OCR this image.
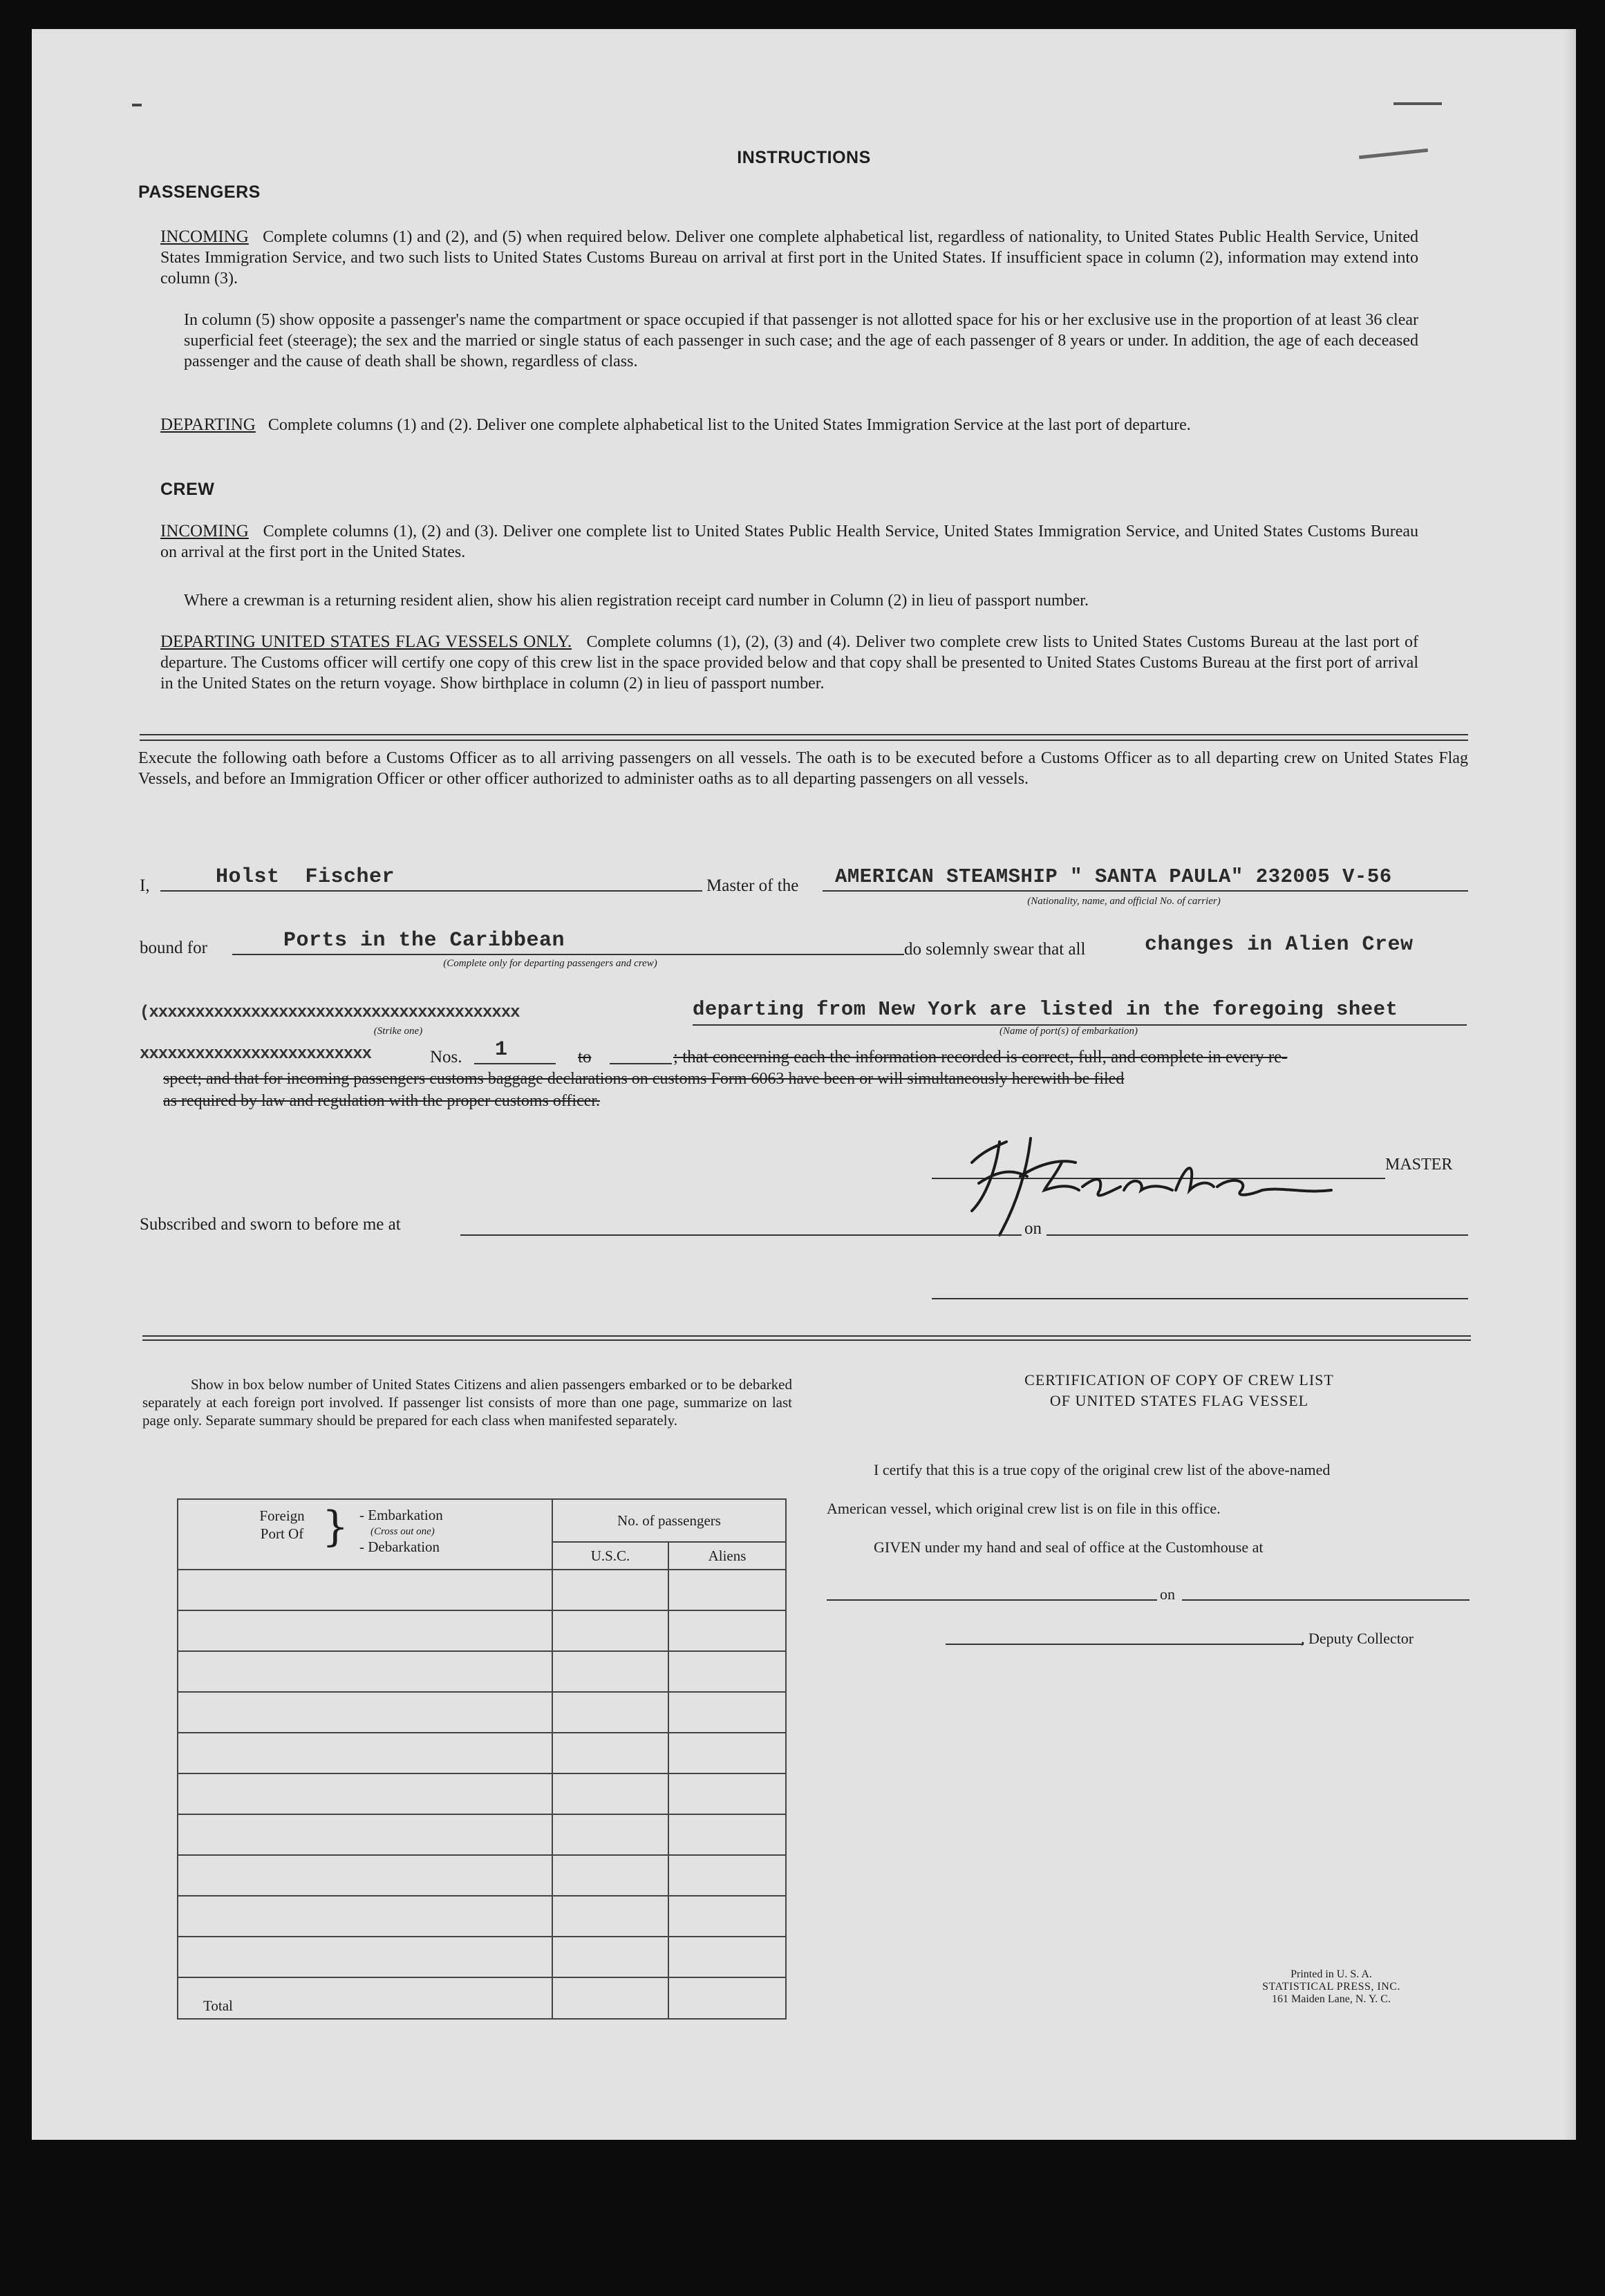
INSTRUCTIONS
PASSENGERS
INCOMING Complete columns (1) and (2), and (5) when required below. Deliver one complete alphabetical list, regardless of nationality, to United States Public Health Service, United States Immigration Service, and two such lists to United States Customs Bureau on arrival at first port in the United States. If insufficient space in column (2), information may extend into column (3).
In column (5) show opposite a passenger's name the compartment or space occupied if that passenger is not allotted space for his or her exclusive use in the proportion of at least 36 clear superficial feet (steerage); the sex and the married or single status of each passenger in such case; and the age of each passenger of 8 years or under. In addition, the age of each deceased passenger and the cause of death shall be shown, regardless of class.
DEPARTING Complete columns (1) and (2). Deliver one complete alphabetical list to the United States Immigration Service at the last port of departure.
CREW
INCOMING Complete columns (1), (2) and (3). Deliver one complete list to United States Public Health Service, United States Immigration Service, and United States Customs Bureau on arrival at the first port in the United States.
Where a crewman is a returning resident alien, show his alien registration receipt card number in Column (2) in lieu of passport number.
DEPARTING UNITED STATES FLAG VESSELS ONLY. Complete columns (1), (2), (3) and (4). Deliver two complete crew lists to United States Customs Bureau at the last port of departure. The Customs officer will certify one copy of this crew list in the space provided below and that copy shall be presented to United States Customs Bureau at the first port of arrival in the United States on the return voyage. Show birthplace in column (2) in lieu of passport number.
Execute the following oath before a Customs Officer as to all arriving passengers on all vessels. The oath is to be executed before a Customs Officer as to all departing crew on United States Flag Vessels, and before an Immigration Officer or other officer authorized to administer oaths as to all departing passengers on all vessels.
I,	Holst  Fischer	Master of the AMERICAN STEAMSHIP " SANTA PAULA" 232005 V-56
(Nationality, name, and official No. of carrier)
bound for	Ports in the Caribbean
(Complete only for departing passengers and crew)
do solemnly swear that all	changes in Alien Crew
(xxxxxxxxxxxxxxxxxxxxxxxxxxxxxxxxxxxxxxxx	departing from New York are listed in the foregoing sheet
(Strike one)	(Name of port(s) of embarkation)
xxxxxxxxxxxxxxxxxxxxxxxxx	Nos. 1	to	; that concerning each the information recorded is correct, full, and complete in every re-
spect; and that for incoming passengers customs baggage declarations on customs Form 6063 have been or will simultaneously herewith be filed
as required by law and regulation with the proper customs officer.
MASTER
Subscribed and sworn to before me at	on
Show in box below number of United States Citizens and alien passengers embarked or to be debarked separately at each foreign port involved. If passenger list consists of more than one page, summarize on last page only. Separate summary should be prepared for each class when manifested separately.
Foreign Port Of } - Embarkation
(Cross out one)
- Debarkation	No. of passengers	
	U.S.C.	Aliens

Total		

CERTIFICATION OF COPY OF CREW LIST
OF UNITED STATES FLAG VESSEL
I certify that this is a true copy of the original crew list of the above-named
American vessel, which original crew list is on file in this office.
GIVEN under my hand and seal of office at the Customhouse at
on
, Deputy Collector
Printed in U. S. A.
STATISTICAL PRESS, INC.
161 Maiden Lane, N. Y. C.
